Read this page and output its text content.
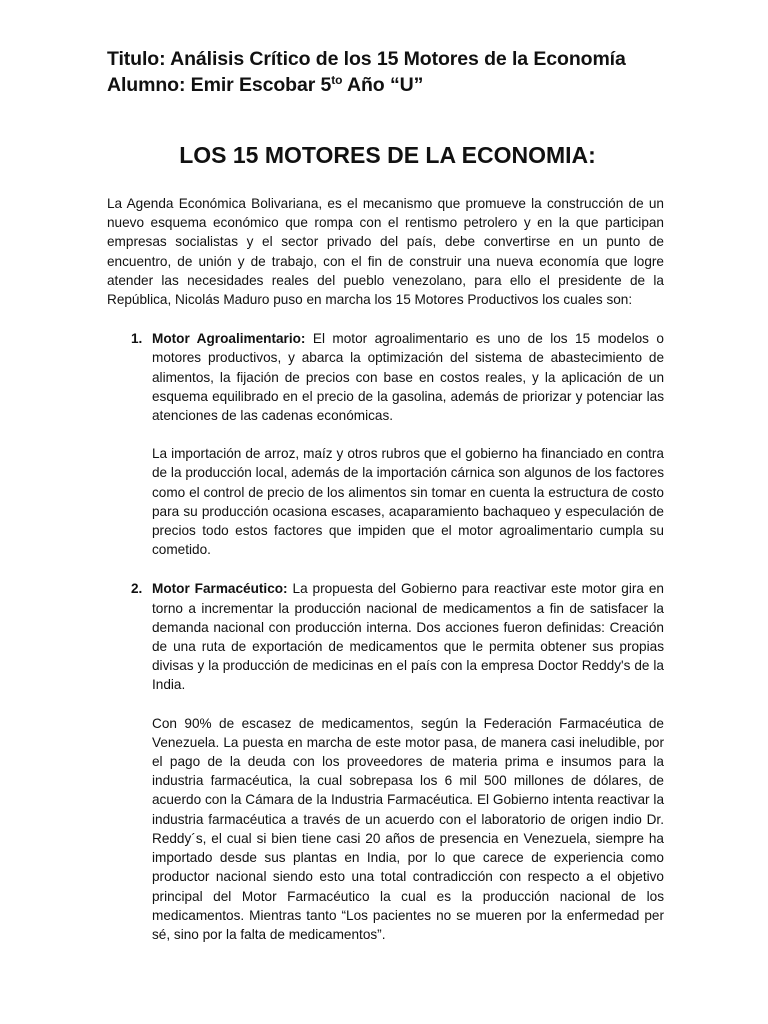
Titulo: Análisis Crítico de los 15 Motores de la Economía
Alumno: Emir Escobar $5^{to}$ Año “U”
LOS 15 MOTORES DE LA ECONOMIA:

La Agenda Económica Bolivariana, es el mecanismo que promueve la construcción de un nuevo esquema económico que rompa con el rentismo petrolero y en la que participan empresas socialistas y el sector privado del país, debe convertirse en un punto de encuentro, de unión y de trabajo, con el fin de construir una nueva economía que logre atender las necesidades reales del pueblo venezolano, para ello el presidente de la República, Nicolás Maduro puso en marcha los 15 Motores Productivos los cuales son:

1. Motor Agroalimentario: El motor agroalimentario es uno de los 15 modelos o motores productivos, y abarca la optimización del sistema de abastecimiento de alimentos, la fijación de precios con base en costos reales, y la aplicación de un esquema equilibrado en el precio de la gasolina, además de priorizar y potenciar las atenciones de las cadenas económicas.

La importación de arroz, maíz y otros rubros que el gobierno ha financiado en contra de la producción local, además de la importación cárnica son algunos de los factores como el control de precio de los alimentos sin tomar en cuenta la estructura de costo para su producción ocasiona escases, acaparamiento bachaqueo y especulación de precios todo estos factores que impiden que el motor agroalimentario cumpla su cometido.

2. Motor Farmacéutico: La propuesta del Gobierno para reactivar este motor gira en torno a incrementar la producción nacional de medicamentos a fin de satisfacer la demanda nacional con producción interna. Dos acciones fueron definidas: Creación de una ruta de exportación de medicamentos que le permita obtener sus propias divisas y la producción de medicinas en el país con la empresa Doctor Reddy's de la India.

Con 90% de escasez de medicamentos, según la Federación Farmacéutica de Venezuela. La puesta en marcha de este motor pasa, de manera casi ineludible, por el pago de la deuda con los proveedores de materia prima e insumos para la industria farmacéutica, la cual sobrepasa los 6 mil 500 millones de dólares, de acuerdo con la Cámara de la Industria Farmacéutica. El Gobierno intenta reactivar la industria farmacéutica a través de un acuerdo con el laboratorio de origen indio Dr. Reddy´s, el cual si bien tiene casi 20 años de presencia en Venezuela, siempre ha importado desde sus plantas en India, por lo que carece de experiencia como productor nacional siendo esto una total contradicción con respecto a el objetivo principal del Motor Farmacéutico la cual es la producción nacional de los medicamentos. Mientras tanto “Los pacientes no se mueren por la enfermedad per sé, sino por la falta de medicamentos”.
